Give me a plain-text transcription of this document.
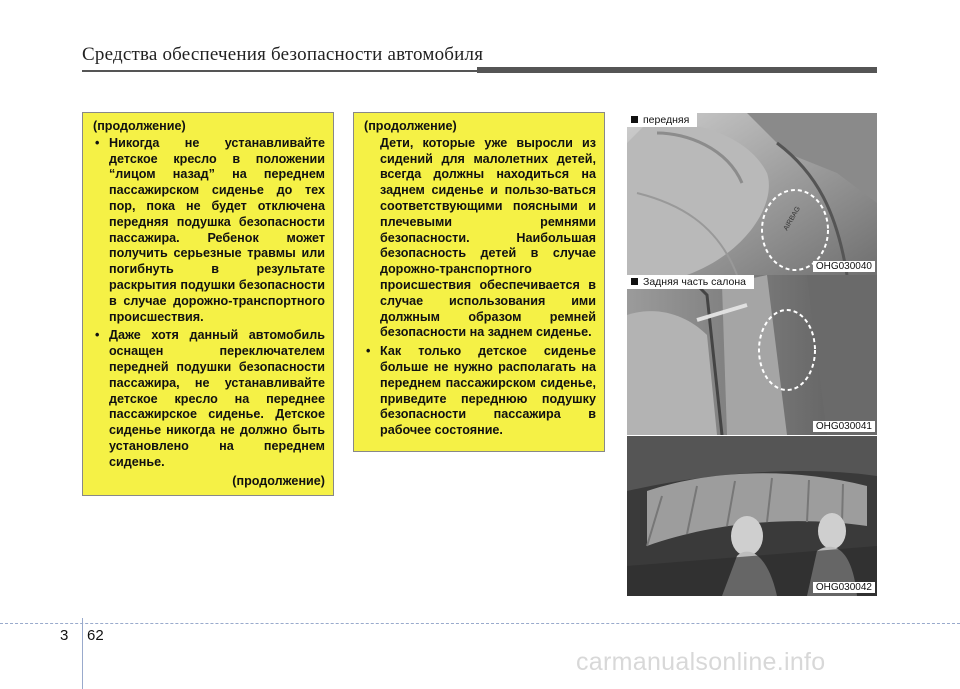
Средства обеспечения безопасности автомобиля
(продолжение)
• Никогда не устанавливайте детское кресло в положении “лицом назад” на переднем пассажирском сиденье до тех пор, пока не будет отключена передняя подушка безопасности пассажира. Ребенок может получить серьезные травмы или погибнуть в результате раскрытия подушки безопасности в случае дорожно-транспортного происшествия.
• Даже хотя данный автомобиль оснащен переключателем передней подушки безопасности пассажира, не устанавливайте детское кресло на переднее пассажирское сиденье. Детское сиденье никогда не должно быть установлено на переднем сиденье.
(продолжение)
(продолжение)
Дети, которые уже выросли из сидений для малолетних детей, всегда должны находиться на заднем сиденье и пользо-ваться соответствующими поясными и плечевыми ремнями безопасности. Наибольшая безопасность детей в случае дорожно-транспортного происшествия обеспечивается в случае использования ими должным образом ремней безопасности на заднем сиденье.
• Как только детское сиденье больше не нужно располагать на переднем пассажирском сиденье, приведите переднюю подушку безопасности пассажира в рабочее состояние.
AIRBAG
передняя
OHG030040
Задняя часть салона
OHG030041
OHG030042
3 62
carmanualsonline.info
